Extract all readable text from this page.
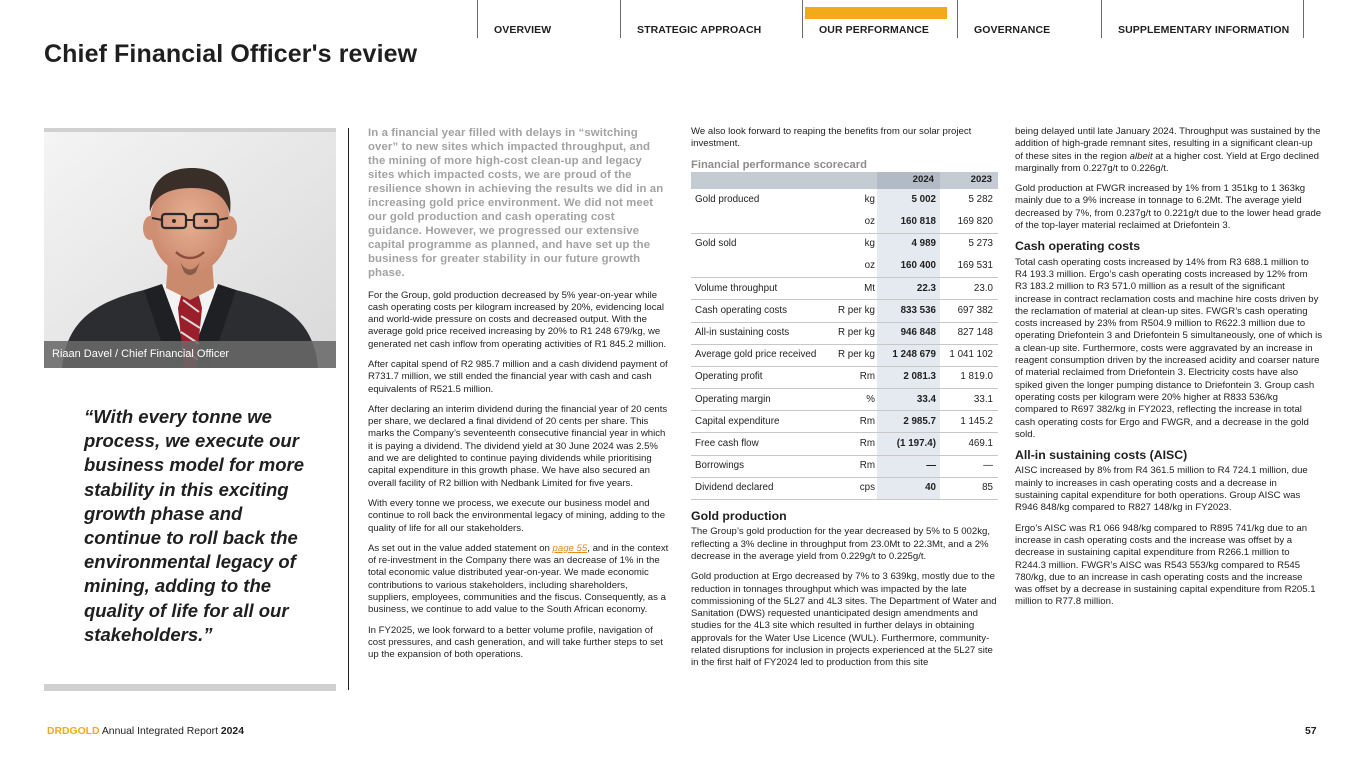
OVERVIEW	STRATEGIC APPROACH	OUR PERFORMANCE	GOVERNANCE	SUPPLEMENTARY INFORMATION
Chief Financial Officer's review
Riaan Davel / Chief Financial Officer
“With every tonne we process, we execute our business model for more stability in this exciting growth phase and continue to roll back the environmental legacy of mining, adding to the quality of life for all our stakeholders.”

In a financial year filled with delays in “switching over” to new sites which impacted throughput, and the mining of more high-cost clean-up and legacy sites which impacted costs, we are proud of the resilience shown in achieving the results we did in an increasing gold price environment. We did not meet our gold production and cash operating cost guidance. However, we progressed our extensive capital programme as planned, and have set up the business for greater stability in our future growth phase.

For the Group, gold production decreased by 5% year-on-year while cash operating costs per kilogram increased by 20%, evidencing local and world-wide pressure on costs and decreased output. With the average gold price received increasing by 20% to R1 248 679/kg, we generated net cash inflow from operating activities of R1 845.2 million.

After capital spend of R2 985.7 million and a cash dividend payment of R731.7 million, we still ended the financial year with cash and cash equivalents of R521.5 million.

After declaring an interim dividend during the financial year of 20 cents per share, we declared a final dividend of 20 cents per share. This marks the Company’s seventeenth consecutive financial year in which it is paying a dividend. The dividend yield at 30 June 2024 was 2.5% and we are delighted to continue paying dividends while prioritising capital expenditure in this growth phase. We have also secured an overall facility of R2 billion with Nedbank Limited for five years.

With every tonne we process, we execute our business model and continue to roll back the environmental legacy of mining, adding to the quality of life for all our stakeholders.

As set out in the value added statement on page 55, and in the context of re-investment in the Company there was an decrease of 1% in the total economic value distributed year-on-year. We made economic contributions to various stakeholders, including shareholders, suppliers, employees, communities and the fiscus. Consequently, as a business, we continue to add value to the South African economy.

In FY2025, we look forward to a better volume profile, navigation of cost pressures, and cash generation, and will take further steps to set up the expansion of both operations.

We also look forward to reaping the benefits from our solar project investment.

Financial performance scorecard
		2024	2023
Gold produced	kg	5 002	5 282
	oz	160 818	169 820
Gold sold	kg	4 989	5 273
	oz	160 400	169 531
Volume throughput	Mt	22.3	23.0
Cash operating costs	R per kg	833 536	697 382
All-in sustaining costs	R per kg	946 848	827 148
Average gold price received	R per kg	1 248 679	1 041 102
Operating profit	Rm	2 081.3	1 819.0
Operating margin	%	33.4	33.1
Capital expenditure	Rm	2 985.7	1 145.2
Free cash flow	Rm	(1 197.4)	469.1
Borrowings	Rm	—	—
Dividend declared	cps	40	85
Gold production

The Group’s gold production for the year decreased by 5% to 5 002kg, reflecting a 3% decline in throughput from 23.0Mt to 22.3Mt, and a 2% decrease in the average yield from 0.229g/t to 0.225g/t.

Gold production at Ergo decreased by 7% to 3 639kg, mostly due to the reduction in tonnages throughput which was impacted by the late commissioning of the 5L27 and 4L3 sites. The Department of Water and Sanitation (DWS) requested unanticipated design amendments and studies for the 4L3 site which resulted in further delays in obtaining approvals for the Water Use Licence (WUL). Furthermore, community-related disruptions for inclusion in projects experienced at the 5L27 site in the first half of FY2024 led to production from this site

being delayed until late January 2024. Throughput was sustained by the addition of high-grade remnant sites, resulting in a significant clean-up of these sites in the region albeit at a higher cost. Yield at Ergo declined marginally from 0.227g/t to 0.226g/t.

Gold production at FWGR increased by 1% from 1 351kg to 1 363kg mainly due to a 9% increase in tonnage to 6.2Mt. The average yield decreased by 7%, from 0.237g/t to 0.221g/t due to the lower head grade of the top-layer material reclaimed at Driefontein 3.

Cash operating costs

Total cash operating costs increased by 14% from R3 688.1 million to R4 193.3 million. Ergo’s cash operating costs increased by 12% from R3 183.2 million to R3 571.0 million as a result of the significant increase in contract reclamation costs and machine hire costs driven by the reclamation of material at clean-up sites. FWGR’s cash operating costs increased by 23% from R504.9 million to R622.3 million due to operating Driefontein 3 and Driefontein 5 simultaneously, one of which is a clean-up site. Furthermore, costs were aggravated by an increase in reagent consumption driven by the increased acidity and coarser nature of material reclaimed from Driefontein 3. Electricity costs have also spiked given the longer pumping distance to Driefontein 3. Group cash operating costs per kilogram were 20% higher at R833 536/kg compared to R697 382/kg in FY2023, reflecting the increase in total cash operating costs for Ergo and FWGR, and a decrease in the gold sold.

All-in sustaining costs (AISC)

AISC increased by 8% from R4 361.5 million to R4 724.1 million, due mainly to increases in cash operating costs and a decrease in sustaining capital expenditure for both operations. Group AISC was R946 848/kg compared to R827 148/kg in FY2023.

Ergo’s AISC was R1 066 948/kg compared to R895 741/kg due to an increase in cash operating costs and the increase was offset by a decrease in sustaining capital expenditure from R266.1 million to R244.3 million. FWGR’s AISC was R543 553/kg compared to R545 780/kg, due to an increase in cash operating costs and the increase was offset by a decrease in sustaining capital expenditure from R205.1 million to R77.8 million.

DRDGOLD Annual Integrated Report 2024	57
